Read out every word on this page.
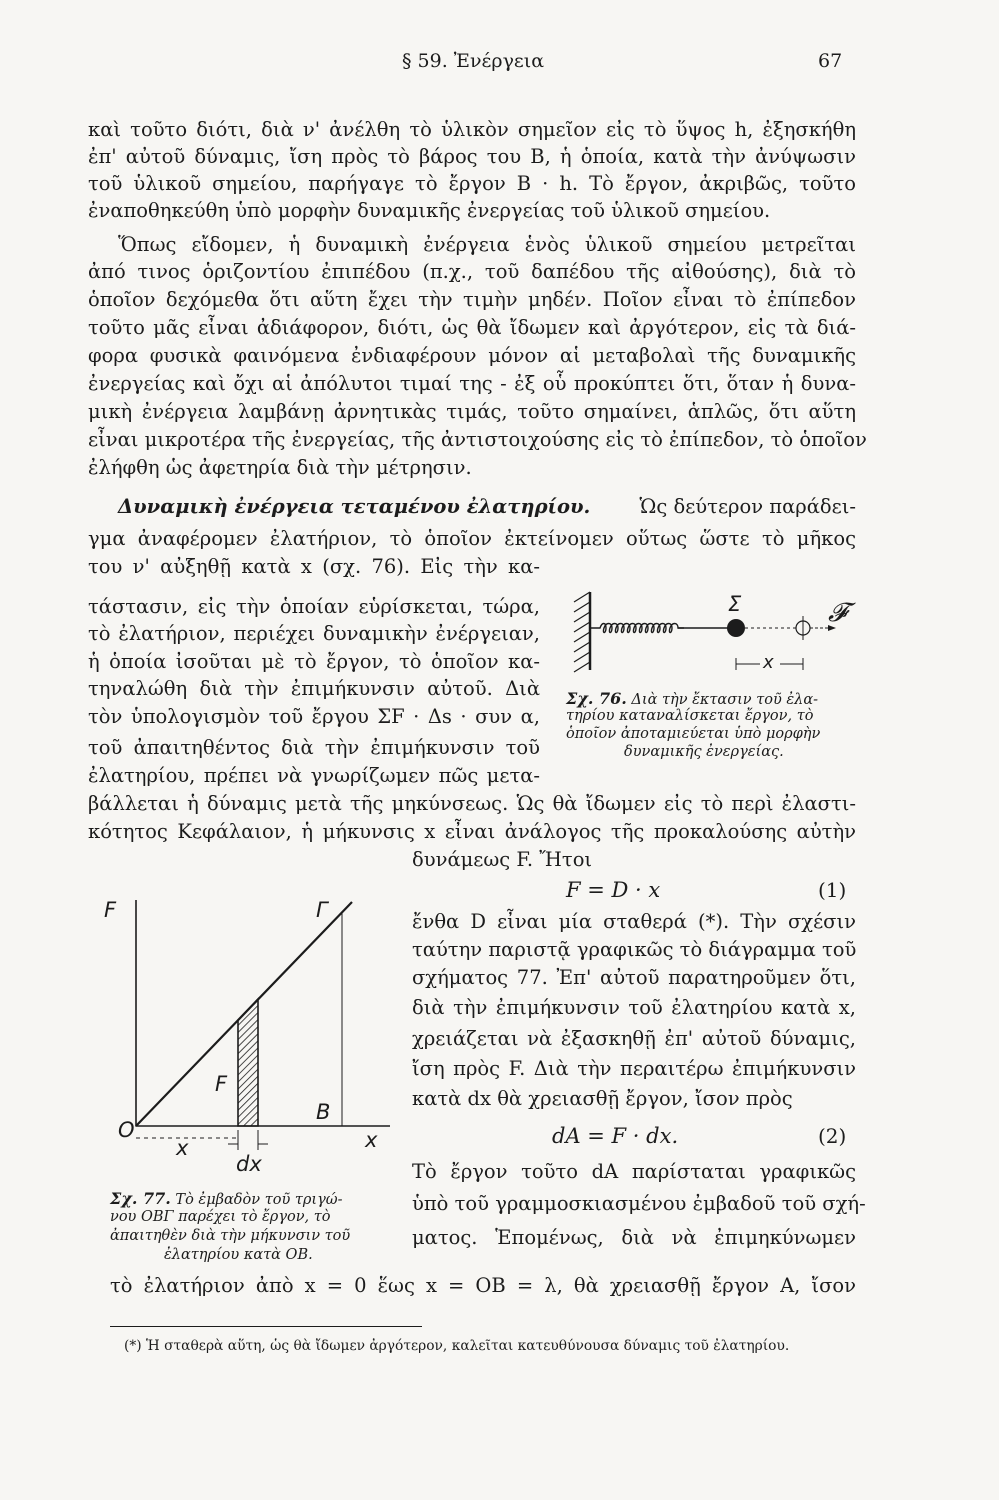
§ 59. Ἐνέργεια	67
καὶ τοῦτο διότι, διὰ ν' ἀνέλθη τὸ ὑλικὸν σημεῖον εἰς τὸ ὕψος h, ἐξησκήθη
ἐπ' αὐτοῦ δύναμις, ἴση πρὸς τὸ βάρος του B, ἡ ὁποία, κατὰ τὴν ἀνύψωσιν
τοῦ ὑλικοῦ σημείου, παρήγαγε τὸ ἔργον B · h. Τὸ ἔργον, ἀκριβῶς, τοῦτο
ἐναποθηκεύθη ὑπὸ μορφὴν δυναμικῆς ἐνεργείας τοῦ ὑλικοῦ σημείου.
Ὅπως εἴδομεν, ἡ δυναμικὴ ἐνέργεια ἑνὸς ὑλικοῦ σημείου μετρεῖται
ἀπό τινος ὁριζοντίου ἐπιπέδου (π.χ., τοῦ δαπέδου τῆς αἰθούσης), διὰ τὸ
ὁποῖον δεχόμεθα ὅτι αὕτη ἔχει τὴν τιμὴν μηδέν. Ποῖον εἶναι τὸ ἐπίπεδον
τοῦτο μᾶς εἶναι ἀδιάφορον, διότι, ὡς θὰ ἴδωμεν καὶ ἀργότερον, εἰς τὰ διά-
φορα φυσικὰ φαινόμενα ἐνδιαφέρουν μόνον αἱ μεταβολαὶ τῆς δυναμικῆς
ἐνεργείας καὶ ὄχι αἱ ἀπόλυτοι τιμαί της - ἐξ οὗ προκύπτει ὅτι, ὅταν ἡ δυνα-
μικὴ ἐνέργεια λαμβάνῃ ἀρνητικὰς τιμάς, τοῦτο σημαίνει, ἁπλῶς, ὅτι αὕτη
εἶναι μικροτέρα τῆς ἐνεργείας, τῆς ἀντιστοιχούσης εἰς τὸ ἐπίπεδον, τὸ ὁποῖον
ἐλήφθη ὡς ἀφετηρία διὰ τὴν μέτρησιν.
Δυναμικὴ ἐνέργεια τεταμένου ἐλατηρίου.	Ὡς δεύτερον παράδει-
γμα ἀναφέρομεν ἐλατήριον, τὸ ὁποῖον ἐκτείνομεν οὕτως ὥστε τὸ μῆκος
του ν' αὐξηθῇ κατὰ x (σχ. 76). Εἰς τὴν κα-
τάστασιν, εἰς τὴν ὁποίαν εὑρίσκεται, τώρα,
τὸ ἐλατήριον, περιέχει δυναμικὴν ἐνέργειαν,
ἡ ὁποία ἰσοῦται μὲ τὸ ἔργον, τὸ ὁποῖον κα-
τηναλώθη διὰ τὴν ἐπιμήκυνσιν αὐτοῦ. Διὰ
τὸν ὑπολογισμὸν τοῦ ἔργου ΣF · Δs · συν α,
τοῦ ἀπαιτηθέντος διὰ τὴν ἐπιμήκυνσιν τοῦ
ἐλατηρίου, πρέπει νὰ γνωρίζωμεν πῶς μετα-
βάλλεται ἡ δύναμις μετὰ τῆς μηκύνσεως. Ὡς θὰ ἴδωμεν εἰς τὸ περὶ ἐλαστι-
κότητος Κεφάλαιον, ἡ μήκυνσις x εἶναι ἀνάλογος τῆς προκαλούσης αὐτὴν
Σ	𝓕
x
Σχ. 76. Διὰ τὴν ἔκτασιν τοῦ ἐλα-
τηρίου καταναλίσκεται ἔργον, τὸ
ὁποῖον ἀποταμιεύεται ὑπὸ μορφὴν
δυναμικῆς ἐνεργείας.
δυνάμεως F. Ἤτοι
F = D · x	(1)
ἔνθα D εἶναι μία σταθερά (*). Τὴν σχέσιν
ταύτην παριστᾷ γραφικῶς τὸ διάγραμμα τοῦ
σχήματος 77. Ἐπ' αὐτοῦ παρατηροῦμεν ὅτι,
διὰ τὴν ἐπιμήκυνσιν τοῦ ἐλατηρίου κατὰ x,
χρειάζεται νὰ ἐξασκηθῇ ἐπ' αὐτοῦ δύναμις,
ἴση πρὸς F. Διὰ τὴν περαιτέρω ἐπιμήκυνσιν
κατὰ dx θὰ χρειασθῇ ἔργον, ἴσον πρὸς
dA = F · dx.	(2)
Τὸ ἔργον τοῦτο dA παρίσταται γραφικῶς
ὑπὸ τοῦ γραμμοσκιασμένου ἐμβαδοῦ τοῦ σχή-
ματος. Ἑπομένως, διὰ νὰ ἐπιμηκύνωμεν
F	Γ
F
B
O	x
x
dx
Σχ. 77. Τὸ ἐμβαδὸν τοῦ τριγώ-
νου ΟΒΓ παρέχει τὸ ἔργον, τὸ
ἀπαιτηθὲν διὰ τὴν μήκυνσιν τοῦ
ἐλατηρίου κατὰ ΟΒ.
τὸ ἐλατήριον ἀπὸ x = 0 ἕως x = OB = λ, θὰ χρειασθῇ ἔργον A, ἴσον
(*) Ἡ σταθερὰ αὕτη, ὡς θὰ ἴδωμεν ἀργότερον, καλεῖται κατευθύνουσα δύναμις τοῦ ἐλατηρίου.
